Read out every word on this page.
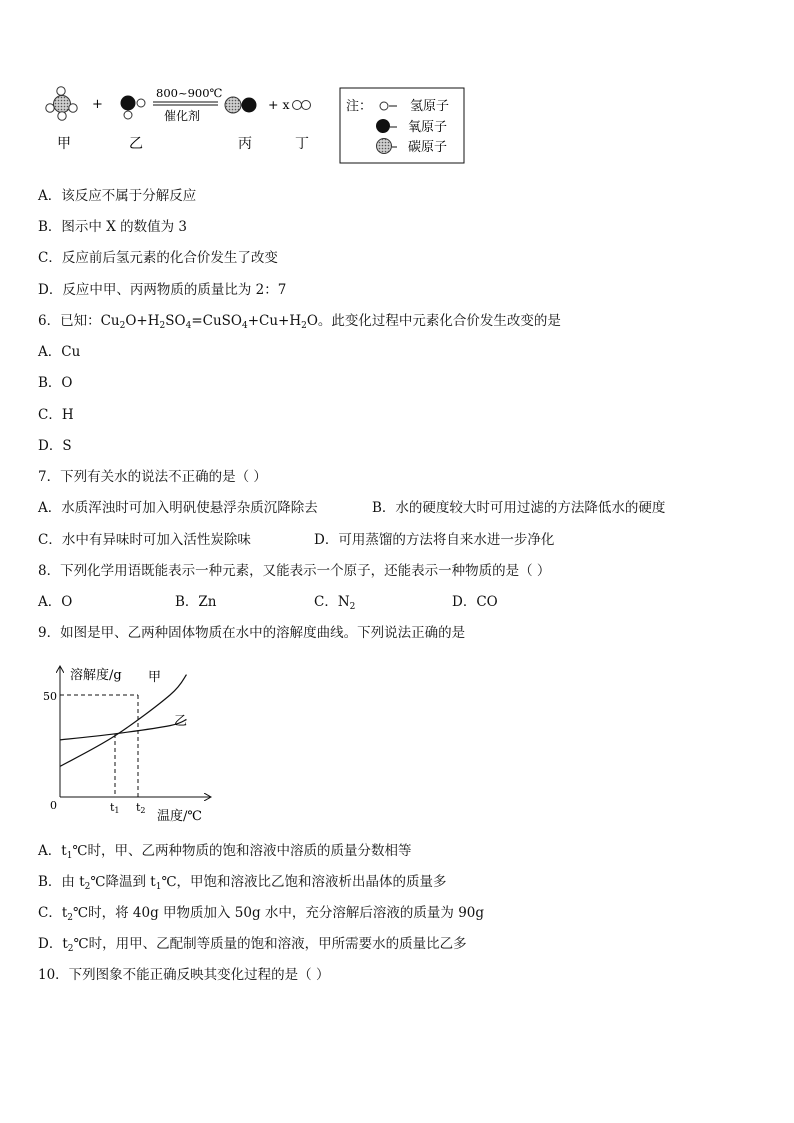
+
800~900℃
催化剂
+ x
甲	乙	丙	丁
注：	氢原子
氧原子
碳原子
A．该反应不属于分解反应
B．图示中 X 的数值为 3
C．反应前后氢元素的化合价发生了改变
D．反应中甲、丙两物质的质量比为 2：7
6．已知：$Cu_2O+H_2SO_4=CuSO_4+Cu+H_2O$。此变化过程中元素化合价发生改变的是
A．Cu
B．O
C．H
D．S
7．下列有关水的说法不正确的是（ ）
A．水质浑浊时可加入明矾使悬浮杂质沉降除去	B．水的硬度较大时可用过滤的方法降低水的硬度
C．水中有异味时可加入活性炭除味	D．可用蒸馏的方法将自来水进一步净化
8．下列化学用语既能表示一种元素，又能表示一个原子，还能表示一种物质的是（ ）
A．O	B．Zn	C．$N_2$	D．CO
9．如图是甲、乙两种固体物质在水中的溶解度曲线。下列说法正确的是
溶解度/g
温度/℃
0
50
t1 t2
甲
乙
A．$t_1℃$时，甲、乙两种物质的饱和溶液中溶质的质量分数相等
B．由 $t_2℃$降温到 $t_1℃$，甲饱和溶液比乙饱和溶液析出晶体的质量多
C．$t_2℃$时，将 40g 甲物质加入 50g 水中，充分溶解后溶液的质量为 90g
D．$t_2℃$时，用甲、乙配制等质量的饱和溶液，甲所需要水的质量比乙多
10．下列图象不能正确反映其变化过程的是（ ）
